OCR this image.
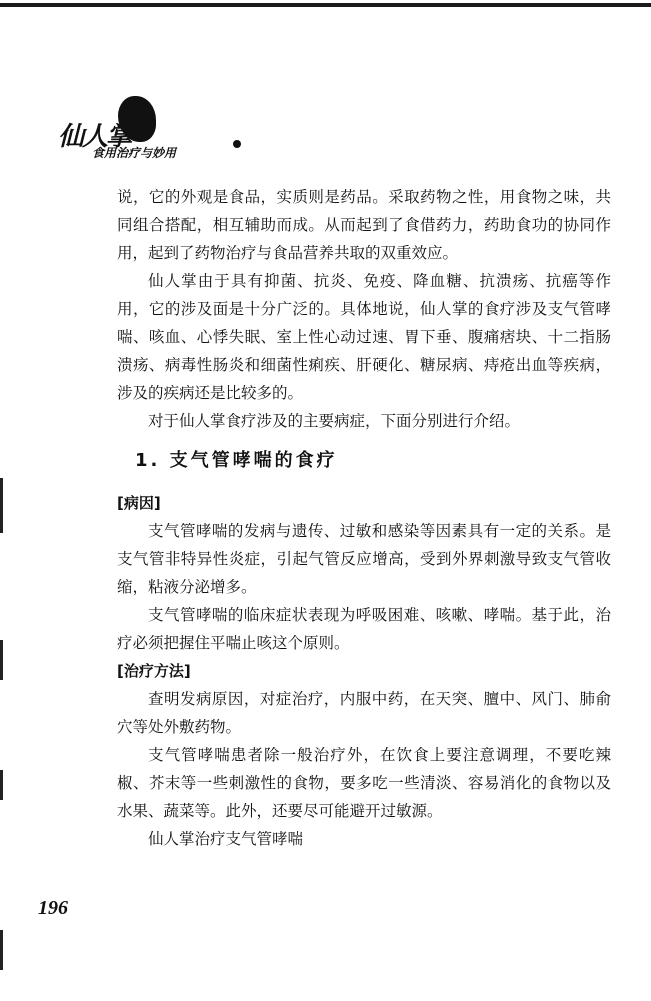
仙人掌
食用治疗与妙用

说，它的外观是食品，实质则是药品。采取药物之性，用食物之味，共同组合搭配，相互辅助而成。从而起到了食借药力，药助食功的协同作用，起到了药物治疗与食品营养共取的双重效应。

仙人掌由于具有抑菌、抗炎、免疫、降血糖、抗溃疡、抗癌等作用，它的涉及面是十分广泛的。具体地说，仙人掌的食疗涉及支气管哮喘、咳血、心悸失眠、室上性心动过速、胃下垂、腹痛痞块、十二指肠溃疡、病毒性肠炎和细菌性痢疾、肝硬化、糖尿病、痔疮出血等疾病，涉及的疾病还是比较多的。

对于仙人掌食疗涉及的主要病症，下面分别进行介绍。

1. 支气管哮喘的食疗

[病因]

支气管哮喘的发病与遗传、过敏和感染等因素具有一定的关系。是支气管非特异性炎症，引起气管反应增高，受到外界刺激导致支气管收缩，粘液分泌增多。

支气管哮喘的临床症状表现为呼吸困难、咳嗽、哮喘。基于此，治疗必须把握住平喘止咳这个原则。

[治疗方法]

查明发病原因，对症治疗，内服中药，在天突、膻中、风门、肺俞穴等处外敷药物。

支气管哮喘患者除一般治疗外，在饮食上要注意调理，不要吃辣椒、芥末等一些刺激性的食物，要多吃一些清淡、容易消化的食物以及水果、蔬菜等。此外，还要尽可能避开过敏源。

仙人掌治疗支气管哮喘

196
